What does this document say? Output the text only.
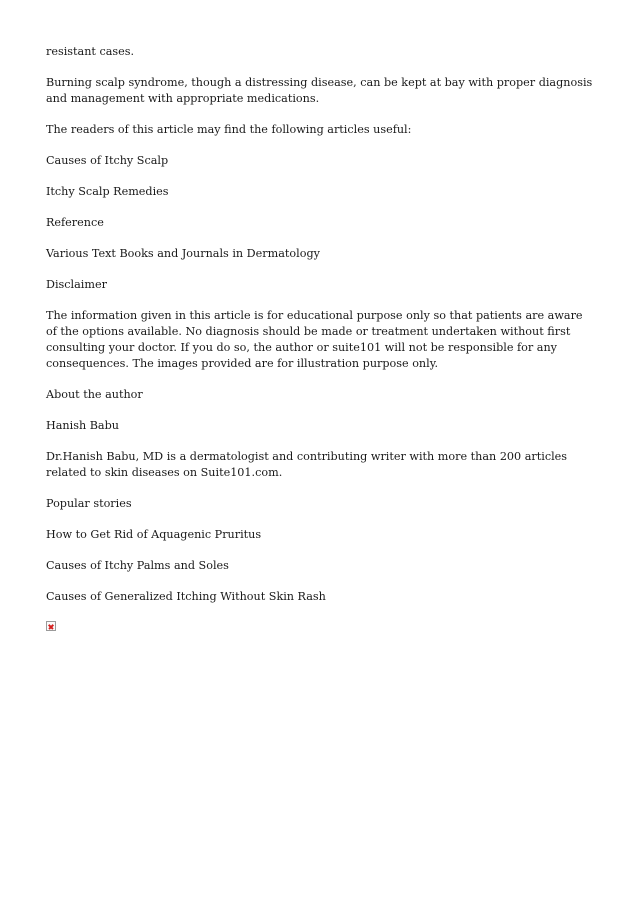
resistant cases.

Burning scalp syndrome, though a distressing disease, can be kept at bay with proper diagnosis and management with appropriate medications.

The readers of this article may find the following articles useful:

Causes of Itchy Scalp

Itchy Scalp Remedies

Reference

Various Text Books and Journals in Dermatology

Disclaimer

The information given in this article is for educational purpose only so that patients are aware of the options available. No diagnosis should be made or treatment undertaken without first consulting your doctor. If you do so, the author or suite101 will not be responsible for any consequences. The images provided are for illustration purpose only.

About the author

Hanish Babu

Dr.Hanish Babu, MD is a dermatologist and contributing writer with more than 200 articles related to skin diseases on Suite101.com.

Popular stories

How to Get Rid of Aquagenic Pruritus

Causes of Itchy Palms and Soles

Causes of Generalized Itching Without Skin Rash
